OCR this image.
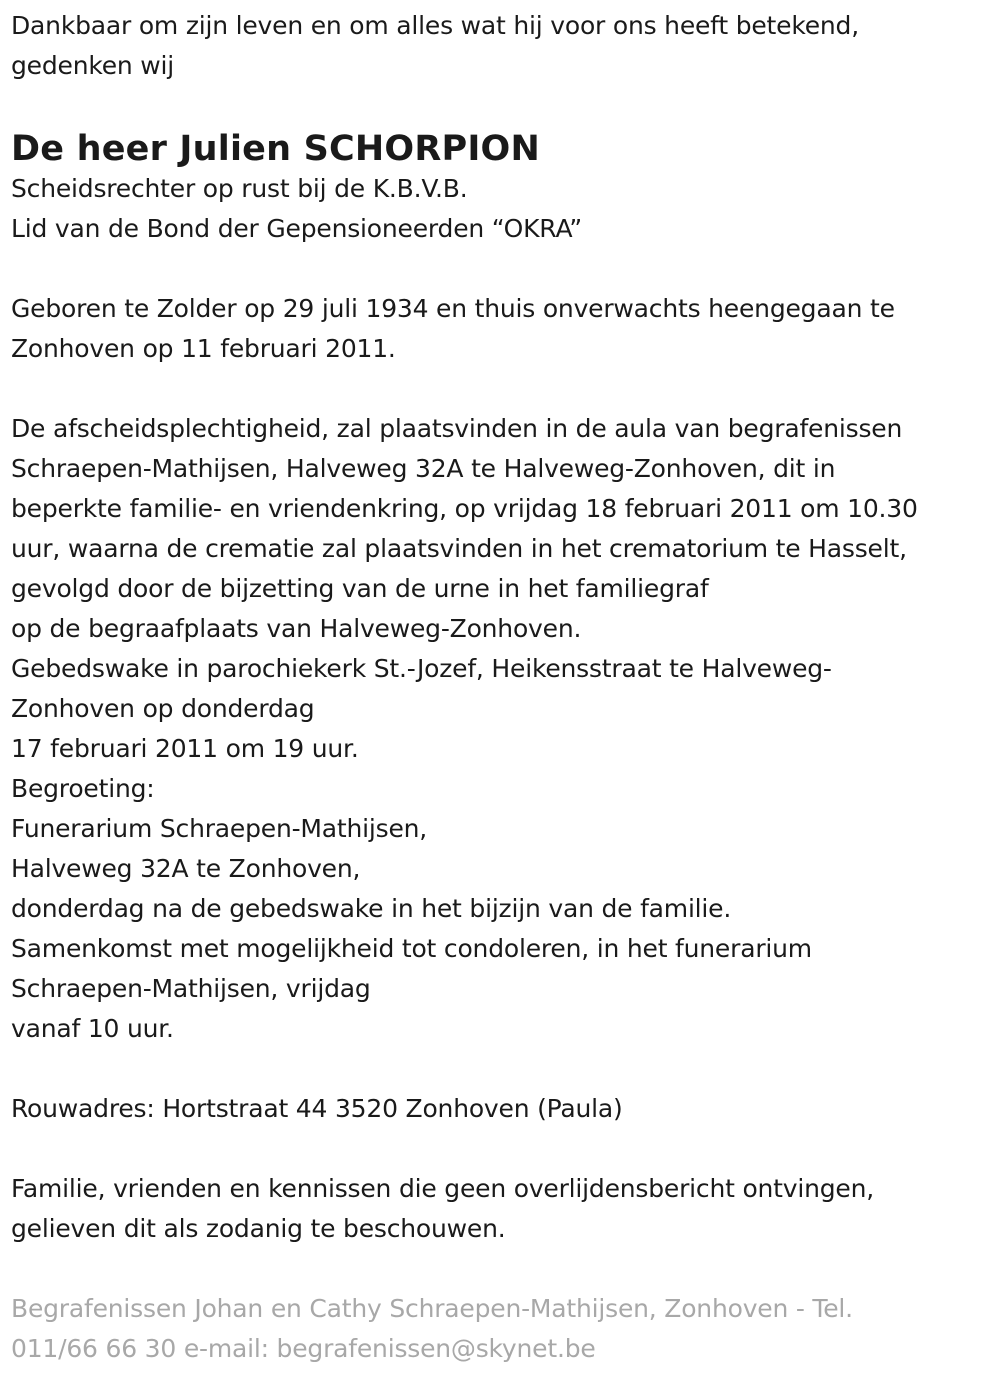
Dankbaar om zijn leven en om alles wat hij voor ons heeft betekend,
gedenken wij
De heer Julien SCHORPION
Scheidsrechter op rust bij de K.B.V.B.
Lid van de Bond der Gepensioneerden “OKRA”
Geboren te Zolder op 29 juli 1934 en thuis onverwachts heengegaan te
Zonhoven op 11 februari 2011.
De afscheidsplechtigheid, zal plaatsvinden in de aula van begrafenissen
Schraepen-Mathijsen, Halveweg 32A te Halveweg-Zonhoven, dit in
beperkte familie- en vriendenkring, op vrijdag 18 februari 2011 om 10.30
uur, waarna de crematie zal plaatsvinden in het crematorium te Hasselt,
gevolgd door de bijzetting van de urne in het familiegraf
op de begraafplaats van Halveweg-Zonhoven.
Gebedswake in parochiekerk St.-Jozef, Heikensstraat te Halveweg-
Zonhoven op donderdag
17 februari 2011 om 19 uur.
Begroeting:
Funerarium Schraepen-Mathijsen,
Halveweg 32A te Zonhoven,
donderdag na de gebedswake in het bijzijn van de familie.
Samenkomst met mogelijkheid tot condoleren, in het funerarium
Schraepen-Mathijsen, vrijdag
vanaf 10 uur.
Rouwadres: Hortstraat 44 3520 Zonhoven (Paula)
Familie, vrienden en kennissen die geen overlijdensbericht ontvingen,
gelieven dit als zodanig te beschouwen.
Begrafenissen Johan en Cathy Schraepen-Mathijsen, Zonhoven - Tel.
011/66 66 30 e-mail: begrafenissen@skynet.be
